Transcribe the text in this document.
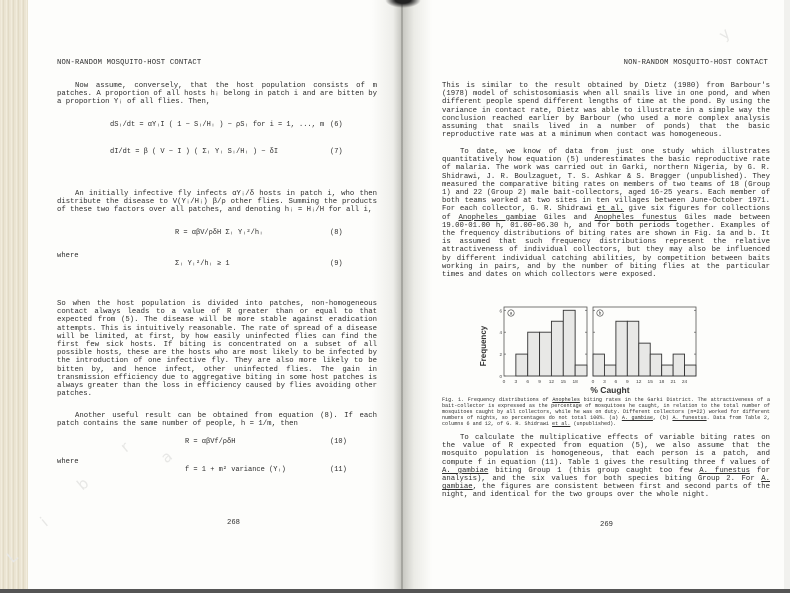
L
i
b
r
a
y
NON-RANDOM MOSQUITO-HOST CONTACT
Now assume, conversely, that the host population consists of m patches. A proportion of all hosts hᵢ belong in patch i and are bitten by a proportion Yᵢ of all flies. Then,
dSᵢ/dt = αYᵢI ( 1 − Sᵢ/Hᵢ ) − ρSᵢ for i = 1, ..., m (6)
dI/dt = β ( V − I ) ( Σᵢ Yᵢ Sᵢ/Hᵢ ) − δI	(7)
An initially infective fly infects αYᵢ/δ hosts in patch i, who then distribute the disease to V(Yᵢ/Hᵢ) β/ρ other flies. Summing the products of these two factors over all patches, and denoting hᵢ = Hᵢ/H for all i,
R = αβV/ρδH Σᵢ Yᵢ²/hᵢ	(8)
where
Σᵢ Yᵢ²/hᵢ ≥ 1	(9)
So when the host population is divided into patches, non-homogeneous contact always leads to a value of R greater than or equal to that expected from (5). The disease will be more stable against eradication attempts. This is intuitively reasonable. The rate of spread of a disease will be limited, at first, by how easily uninfected flies can find the first few sick hosts. If biting is concentrated on a subset of all possible hosts, these are the hosts who are most likely to be infected by the introduction of one infective fly. They are also more likely to be bitten by, and hence infect, other uninfected flies. The gain in transmission efficiency due to aggregative biting in some host patches is always greater than the loss in efficiency caused by flies avoiding other patches.
Another useful result can be obtained from equation (8). If each patch contains the same number of people, h = 1/m, then
R = αβVf/ρδH	(10)
where
f = 1 + m² variance (Yᵢ)	(11)
268
NON-RANDOM MOSQUITO-HOST CONTACT
This is similar to the result obtained by Dietz (1980) from Barbour's (1978) model of schistosomiasis when all snails live in one pond, and when different people spend different lengths of time at the pond. By using the variance in contact rate, Dietz was able to illustrate in a simple way the conclusion reached earlier by Barbour (who used a more complex analysis assuming that snails lived in a number of ponds) that the basic reproductive rate was at a minimum when contact was homogeneous.
To date, we know of data from just one study which illustrates quantitatively how equation (5) underestimates the basic reproductive rate of malaria. The work was carried out in Garki, northern Nigeria, by G. R. Shidrawi, J. R. Boulzaguet, T. S. Ashkar & S. Brøgger (unpublished). They measured the comparative biting rates on members of two teams of 18 (Group 1) and 22 (Group 2) male bait-collectors, aged 16-25 years. Each member of both teams worked at two sites in ten villages between June-October 1971. For each collector, G. R. Shidrawi et al. give six figures for collections of Anopheles gambiae Giles and Anopheles funestus Giles made between 19.00-01.00 h, 01.00-06.30 h, and for both periods together. Examples of the frequency distributions of biting rates are shown in Fig. 1a and b. It is assumed that such frequency distributions represent the relative attractiveness of individual collectors, but they may also be influenced by different individual catching abilities, by competition between baits working in pairs, and by the number of biting flies at the particular times and dates on which collectors were exposed.
Fig. 1. Frequency distributions of Anopheles biting rates in the Garki District. The attractiveness of a bait-collector is expressed as the percentage of mosquitoes he caught, in relation to the total number of mosquitoes caught by all collectors, while he was on duty. Different collectors (n=22) worked for different numbers of nights, so percentages do not total 100%. (a) A. gambiae, (b) A. funestus. Data from Table 2, columns 6 and 12, of G. R. Shidrawi et al. (unpublished).
To calculate the multiplicative effects of variable biting rates on the value of R expected from equation (5), we also assume that the mosquito population is homogeneous, that each person is a patch, and compute f in equation (11). Table 1 gives the resulting three f values of A. gambiae biting Group 1 (this group caught too few A. funestus for analysis), and the six values for both species biting Group 2. For A. gambiae, the figures are consistent between first and second parts of the night, and identical for the two groups over the whole night.
269
Frequency
% Caught
0
2
4
6
0 3 6 9 12 15 18
a
0 3 6 9 12 15 18 21 24
b
